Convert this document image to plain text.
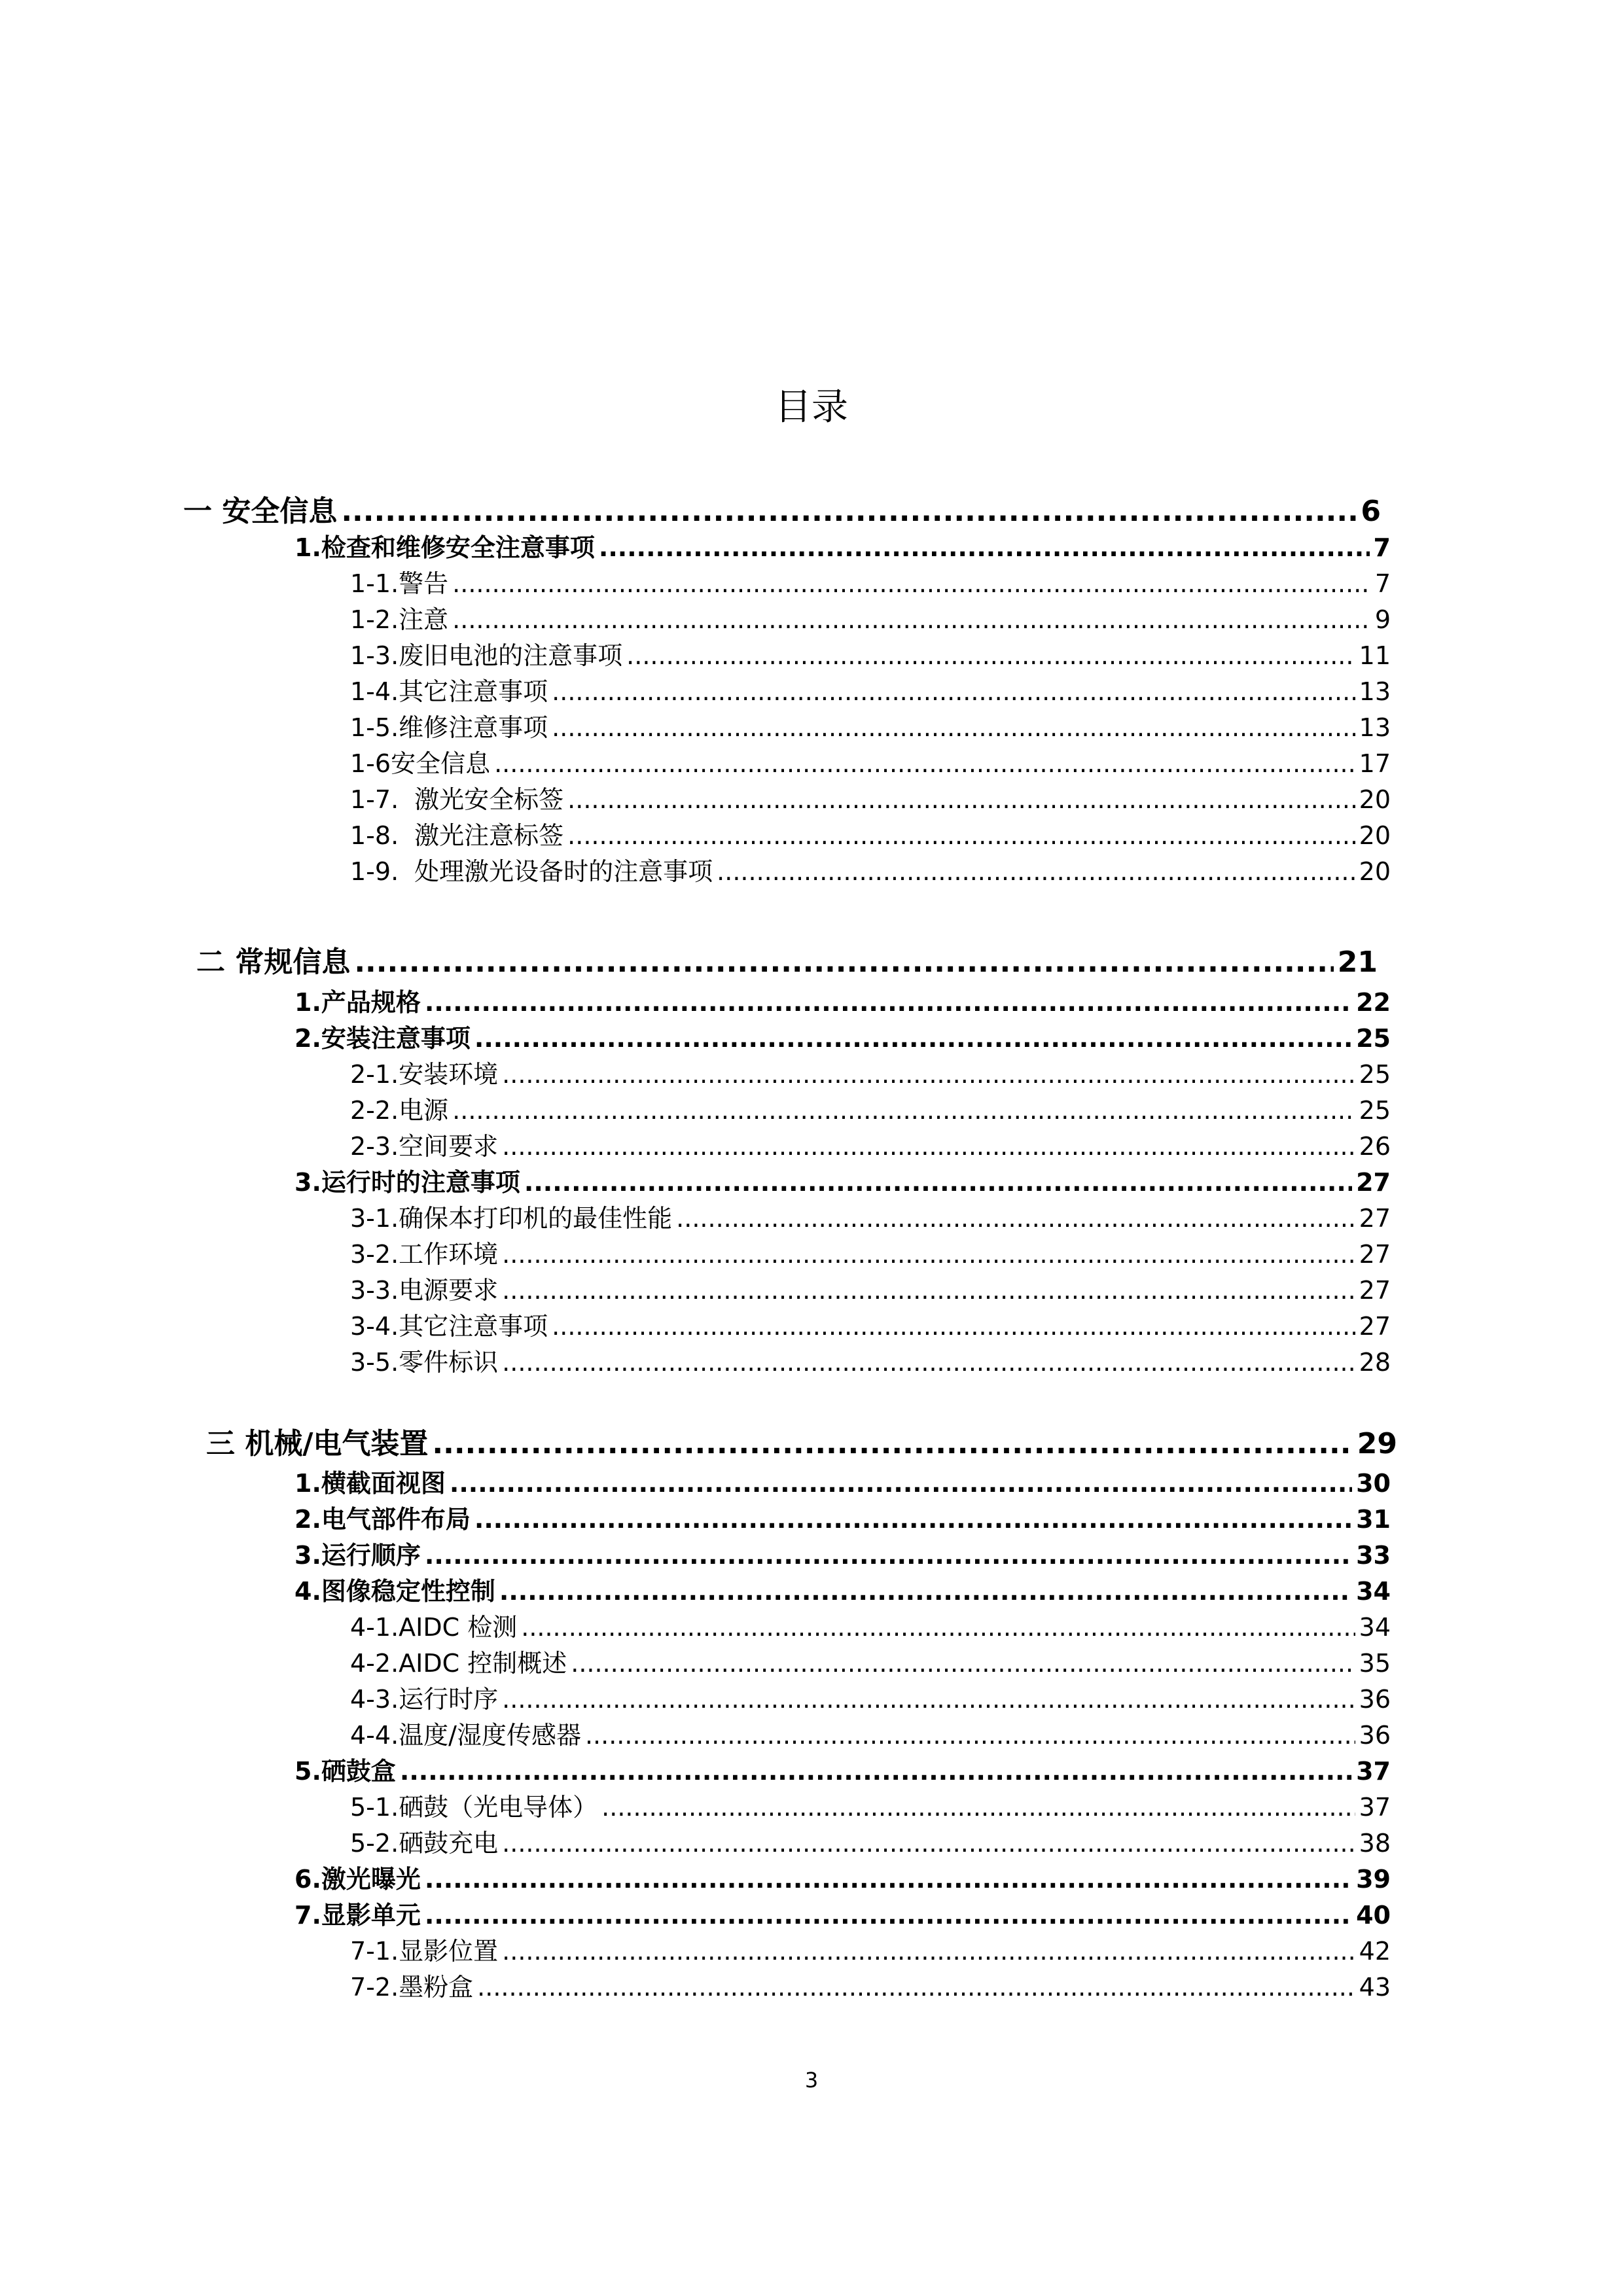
目录
一 安全信息 .....	6
1. 检查和维修安全注意事项 .....	7
1-1. 警告 .....	7
1-2. 注意 .....	9
1-3. 废旧电池的注意事项 .....	11
1-4. 其它注意事项 .....	13
1-5. 维修注意事项 .....	13
1-6 安全信息 .....	17
1-7. 激光安全标签 .....	20
1-8. 激光注意标签 .....	20
1-9. 处理激光设备时的注意事项 .....	20
二 常规信息 .....	21
1. 产品规格 .....	22
2. 安装注意事项 .....	25
2-1. 安装环境 .....	25
2-2. 电源 .....	25
2-3. 空间要求 .....	26
3. 运行时的注意事项 .....	27
3-1. 确保本打印机的最佳性能 .....	27
3-2. 工作环境 .....	27
3-3. 电源要求 .....	27
3-4. 其它注意事项 .....	27
3-5. 零件标识 .....	28
三 机械/电气装置 .....	29
1. 横截面视图 .....	30
2. 电气部件布局 .....	31
3. 运行顺序 .....	33
4. 图像稳定性控制 .....	34
4-1. AIDC 检测 .....	34
4-2. AIDC 控制概述 .....	35
4-3. 运行时序 .....	36
4-4. 温度/湿度传感器 .....	36
5. 硒鼓盒 .....	37
5-1. 硒鼓（光电导体） .....	37
5-2. 硒鼓充电 .....	38
6. 激光曝光 .....	39
7. 显影单元 .....	40
7-1. 显影位置 .....	42
7-2. 墨粉盒 .....	43
3
